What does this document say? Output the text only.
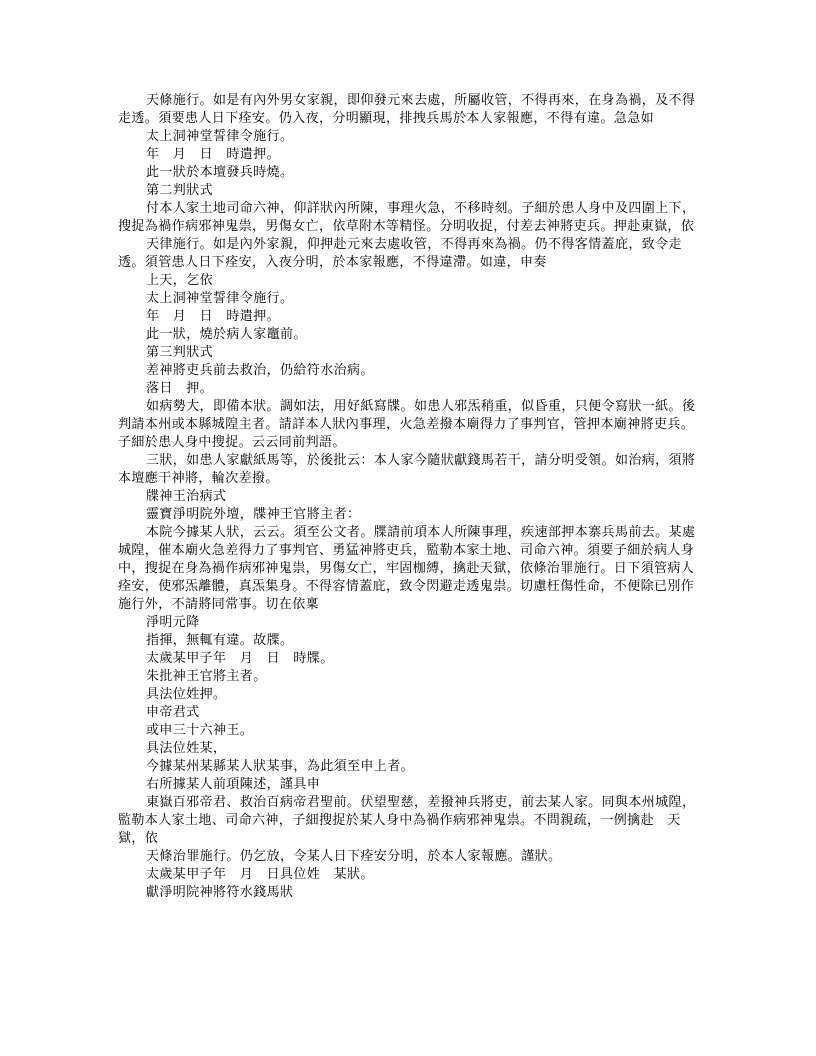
天條施行。如是有內外男女家親，即仰發元來去處，所屬收管，不得再來，在身為禍，及不得走透。須要患人日下痊安。仍入夜，分明顯現，排拽兵馬於本人家報應，不得有違。急急如

太上洞神堂誓律令施行。

年　月　日　時遣押。

此一狀於本壇發兵時燒。

第二判狀式

付本人家土地司命六神，仰詳狀內所陳，事理火急，不移時刻。子細於患人身中及四圍上下，搜捉為禍作病邪神鬼祟，男傷女亡，依草附木等精怪。分明收捉，付差去神將吏兵。押赴東嶽，依

天律施行。如是內外家親，仰押赴元來去處收管，不得再來為禍。仍不得客情蓋庇，致令走透。須管患人日下痊安，入夜分明，於本家報應，不得違滯。如違，申奏

上天，乞依

太上洞神堂誓律令施行。

年　月　日　時遣押。

此一狀，燒於病人家竈前。

第三判狀式

差神將吏兵前去救治，仍給符水治病。

落日　押。

如病勢大，即備本狀。調如法，用好紙寫牒。如患人邪炁稍重，似昏重，只便令寫狀一紙。後判請本州或本縣城隍主者。請詳本人狀內事理，火急差撥本廟得力了事判官，管押本廟神將吏兵。子細於患人身中搜捉。云云同前判語。

三狀，如患人家獻紙馬等，於後批云：本人家今隨狀獻錢馬若干，請分明受領。如治病，須將本壇應干神將，輪次差撥。

牒神王治病式

靈寶淨明院外壇，牒神王官將主者：

本院今據某人狀，云云。須至公文者。牒請前項本人所陳事理，疾速部押本寨兵馬前去。某處城隍，催本廟火急差得力了事判官、勇猛神將吏兵，監勒本家土地、司命六神。須要子細於病人身中，搜捉在身為禍作病邪神鬼祟，男傷女亡，牢固枷縛，擒赴天獄，依條治罪施行。日下須管病人痊安，使邪炁離體，真炁集身。不得容情蓋庇，致令閃避走透鬼祟。切慮枉傷性命，不便除已別作施行外，不請將同常事。切在依稟

淨明元降

指揮，無輒有違。故牒。

太歲某甲子年　月　日　時牒。

朱批神王官將主者。

具法位姓押。

申帝君式

或申三十六神王。

具法位姓某，

今據某州某縣某人狀某事，為此須至申上者。

右所據某人前項陳述，謹具申

東嶽百邪帝君、救治百病帝君聖前。伏望聖慈，差撥神兵將吏，前去某人家。同與本州城隍，監勒本人家土地、司命六神，子細搜捉於某人身中為禍作病邪神鬼祟。不問親疏，一例擒赴　天獄，依

天條治罪施行。仍乞放，令某人日下痊安分明，於本人家報應。謹狀。

太歲某甲子年　月　日具位姓　某狀。

獻淨明院神將符水錢馬狀
